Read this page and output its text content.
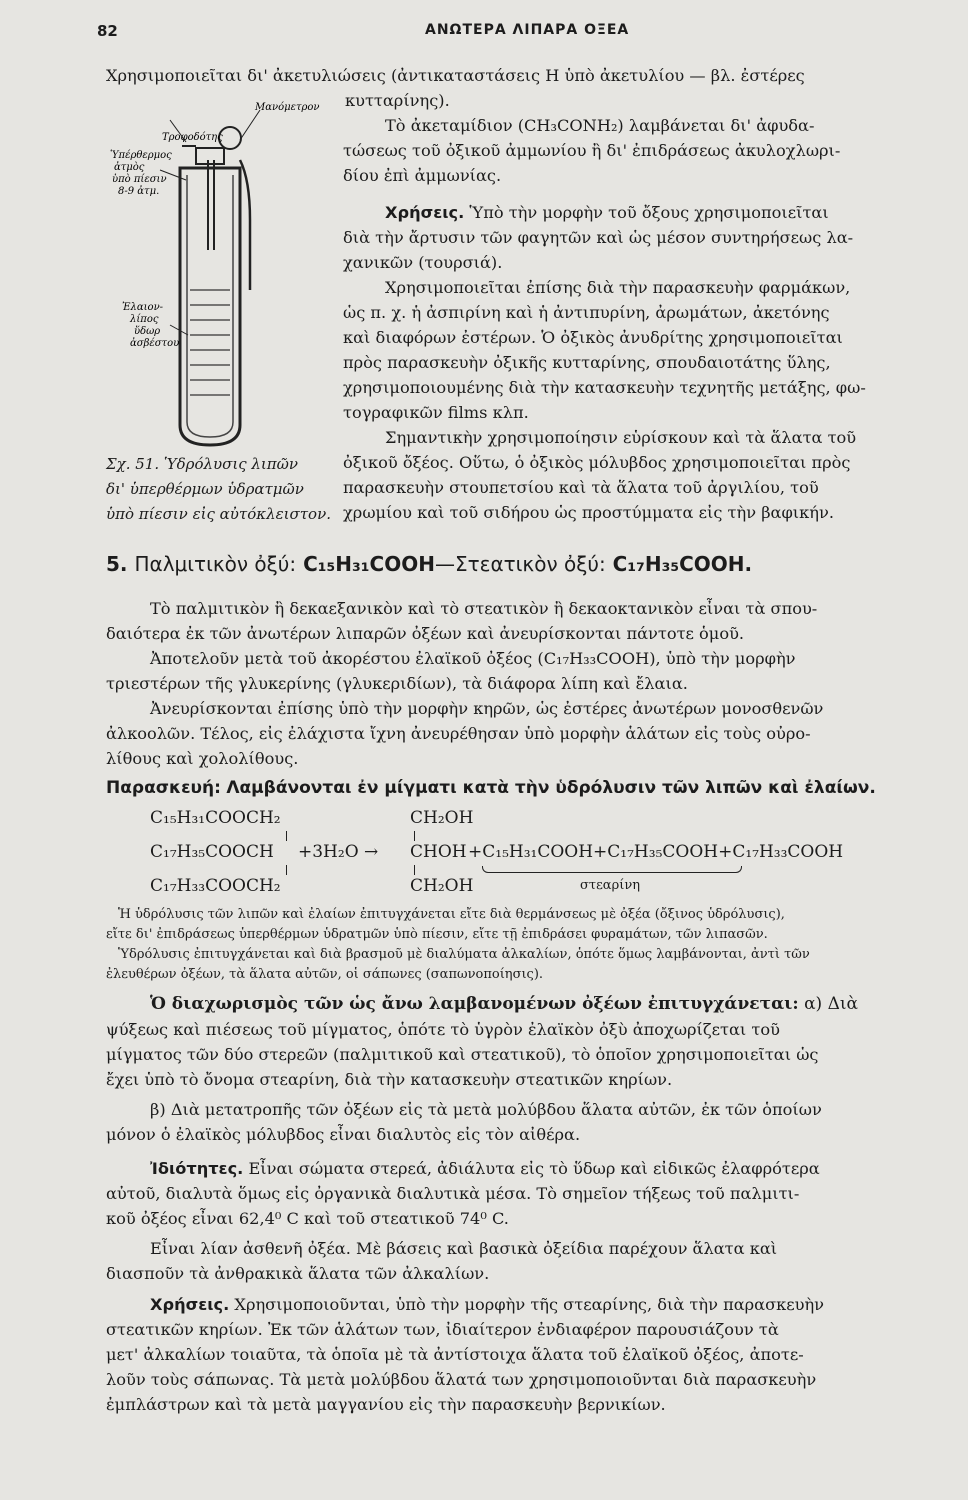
82	ΑΝΩΤΕΡΑ ΛΙΠΑΡΑ ΟΞΕΑ
Χρησιμοποιεῖται δι' ἀκετυλιώσεις (ἀντικαταστάσεις Η ὑπὸ ἀκετυλίου — βλ. ἐστέρες
κυτταρίνης).
Τὸ ἀκεταμίδιον (CH₃CONH₂) λαμβάνεται δι' ἀφυδα-
τώσεως τοῦ ὀξικοῦ ἀμμωνίου ἢ δι' ἐπιδράσεως ἀκυλοχλωρι-
δίου ἐπὶ ἀμμωνίας.
Χρήσεις. Ὑπὸ τὴν μορφὴν τοῦ ὄξους χρησιμοποιεῖται
διὰ τὴν ἄρτυσιν τῶν φαγητῶν καὶ ὡς μέσον συντηρήσεως λα-
χανικῶν (τουρσιά).
Χρησιμοποιεῖται ἐπίσης διὰ τὴν παρασκευὴν φαρμάκων,
ὡς π. χ. ἡ ἀσπιρίνη καὶ ἡ ἀντιπυρίνη, ἀρωμάτων, ἀκετόνης
καὶ διαφόρων ἐστέρων. Ὁ ὀξικὸς ἀνυδρίτης χρησιμοποιεῖται
πρὸς παρασκευὴν ὀξικῆς κυτταρίνης, σπουδαιοτάτης ὕλης,
χρησιμοποιουμένης διὰ τὴν κατασκευὴν τεχνητῆς μετάξης, φω-
τογραφικῶν films κλπ.
Σημαντικὴν χρησιμοποίησιν εὑρίσκουν καὶ τὰ ἅλατα τοῦ
ὀξικοῦ ὄξέος. Οὕτω, ὁ ὀξικὸς μόλυβδος χρησιμοποιεῖται πρὸς
παρασκευὴν στουπετσίου καὶ τὰ ἅλατα τοῦ ἀργιλίου, τοῦ
χρωμίου καὶ τοῦ σιδήρου ὡς προστύμματα εἰς τὴν βαφικήν.
Τροφοδότης
Μανόμετρον
Ὑπέρθερμος
ἀτμὸς
ὑπὸ πίεσιν
8-9 ἀτμ.
Ἐλαιον-
λίπος
ὕδωρ
ἀσβέστου
Σχ. 51. Ὑδρόλυσις λιπῶν
δι' ὑπερθέρμων ὑδρατμῶν
ὑπὸ πίεσιν εἰς αὐτόκλειστον.
5. Παλμιτικὸν ὀξύ: C₁₅H₃₁COOH—Στεατικὸν ὀξύ: C₁₇H₃₅COOH.
Τὸ παλμιτικὸν ἢ δεκαεξανικὸν καὶ τὸ στεατικὸν ἢ δεκαοκτανικὸν εἶναι τὰ σπου-
δαιότερα ἐκ τῶν ἀνωτέρων λιπαρῶν ὀξέων καὶ ἀνευρίσκονται πάντοτε ὁμοῦ.
Ἀποτελοῦν μετὰ τοῦ ἀκορέστου ἐλαϊκοῦ ὀξέος (C₁₇H₃₃COOH), ὑπὸ τὴν μορφὴν
τριεστέρων τῆς γλυκερίνης (γλυκεριδίων), τὰ διάφορα λίπη καὶ ἔλαια.
Ἀνευρίσκονται ἐπίσης ὑπὸ τὴν μορφὴν κηρῶν, ὡς ἐστέρες ἀνωτέρων μονοσθενῶν
ἀλκοολῶν. Τέλος, εἰς ἐλάχιστα ἴχνη ἀνευρέθησαν ὑπὸ μορφὴν ἁλάτων εἰς τοὺς οὐρο-
λίθους καὶ χολολίθους.
Παρασκευή: Λαμβάνονται ἐν μίγματι κατὰ τὴν ὑδρόλυσιν τῶν λιπῶν καὶ ἐλαίων.
C₁₅H₃₁COOCH₂
C₁₇H₃₅COOCH
C₁₇H₃₃COOCH₂
+3H₂O →
CH₂OH
CHOH
CH₂OH
+C₁₅H₃₁COOH+C₁₇H₃₅COOH+C₁₇H₃₃COOH
στεαρίνη
Ἡ ὑδρόλυσις τῶν λιπῶν καὶ ἐλαίων ἐπιτυγχάνεται εἴτε διὰ θερμάνσεως μὲ ὀξέα (ὄξινος ὑδρόλυσις),
εἴτε δι' ἐπιδράσεως ὑπερθέρμων ὑδρατμῶν ὑπὸ πίεσιν, εἴτε τῇ ἐπιδράσει φυραμάτων, τῶν λιπασῶν.
Ὑδρόλυσις ἐπιτυγχάνεται καὶ διὰ βρασμοῦ μὲ διαλύματα ἀλκαλίων, ὁπότε ὅμως λαμβάνονται, ἀντὶ τῶν
ἐλευθέρων ὀξέων, τὰ ἅλατα αὐτῶν, οἱ σάπωνες (σαπωνοποίησις).
Ὁ διαχωρισμὸς τῶν ὡς ἄνω λαμβανομένων ὀξέων ἐπιτυγχάνεται: α) Διὰ
ψύξεως καὶ πιέσεως τοῦ μίγματος, ὁπότε τὸ ὑγρὸν ἐλαϊκὸν ὀξὺ ἀποχωρίζεται τοῦ
μίγματος τῶν δύο στερεῶν (παλμιτικοῦ καὶ στεατικοῦ), τὸ ὁποῖον χρησιμοποιεῖται ὡς
ἔχει ὑπὸ τὸ ὄνομα στεαρίνη, διὰ τὴν κατασκευὴν στεατικῶν κηρίων.
β) Διὰ μετατροπῆς τῶν ὀξέων εἰς τὰ μετὰ μολύβδου ἅλατα αὐτῶν, ἐκ τῶν ὁποίων
μόνον ὁ ἐλαϊκὸς μόλυβδος εἶναι διαλυτὸς εἰς τὸν αἰθέρα.
Ἰδιότητες. Εἶναι σώματα στερεά, ἀδιάλυτα εἰς τὸ ὕδωρ καὶ εἰδικῶς ἐλαφρότερα
αὐτοῦ, διαλυτὰ ὅμως εἰς ὀργανικὰ διαλυτικὰ μέσα. Τὸ σημεῖον τήξεως τοῦ παλμιτι-
κοῦ ὀξέος εἶναι 62,4⁰ C καὶ τοῦ στεατικοῦ 74⁰ C.
Εἶναι λίαν ἀσθενῆ ὀξέα. Μὲ βάσεις καὶ βασικὰ ὀξείδια παρέχουν ἅλατα καὶ
διασποῦν τὰ ἀνθρακικὰ ἅλατα τῶν ἀλκαλίων.
Χρήσεις. Χρησιμοποιοῦνται, ὑπὸ τὴν μορφὴν τῆς στεαρίνης, διὰ τὴν παρασκευὴν
στεατικῶν κηρίων. Ἐκ τῶν ἁλάτων των, ἰδιαίτερον ἐνδιαφέρον παρουσιάζουν τὰ
μετ' ἀλκαλίων τοιαῦτα, τὰ ὁποῖα μὲ τὰ ἀντίστοιχα ἅλατα τοῦ ἐλαϊκοῦ ὀξέος, ἀποτε-
λοῦν τοὺς σάπωνας. Τὰ μετὰ μολύβδου ἅλατά των χρησιμοποιοῦνται διὰ παρασκευὴν
ἐμπλάστρων καὶ τὰ μετὰ μαγγανίου εἰς τὴν παρασκευὴν βερνικίων.
